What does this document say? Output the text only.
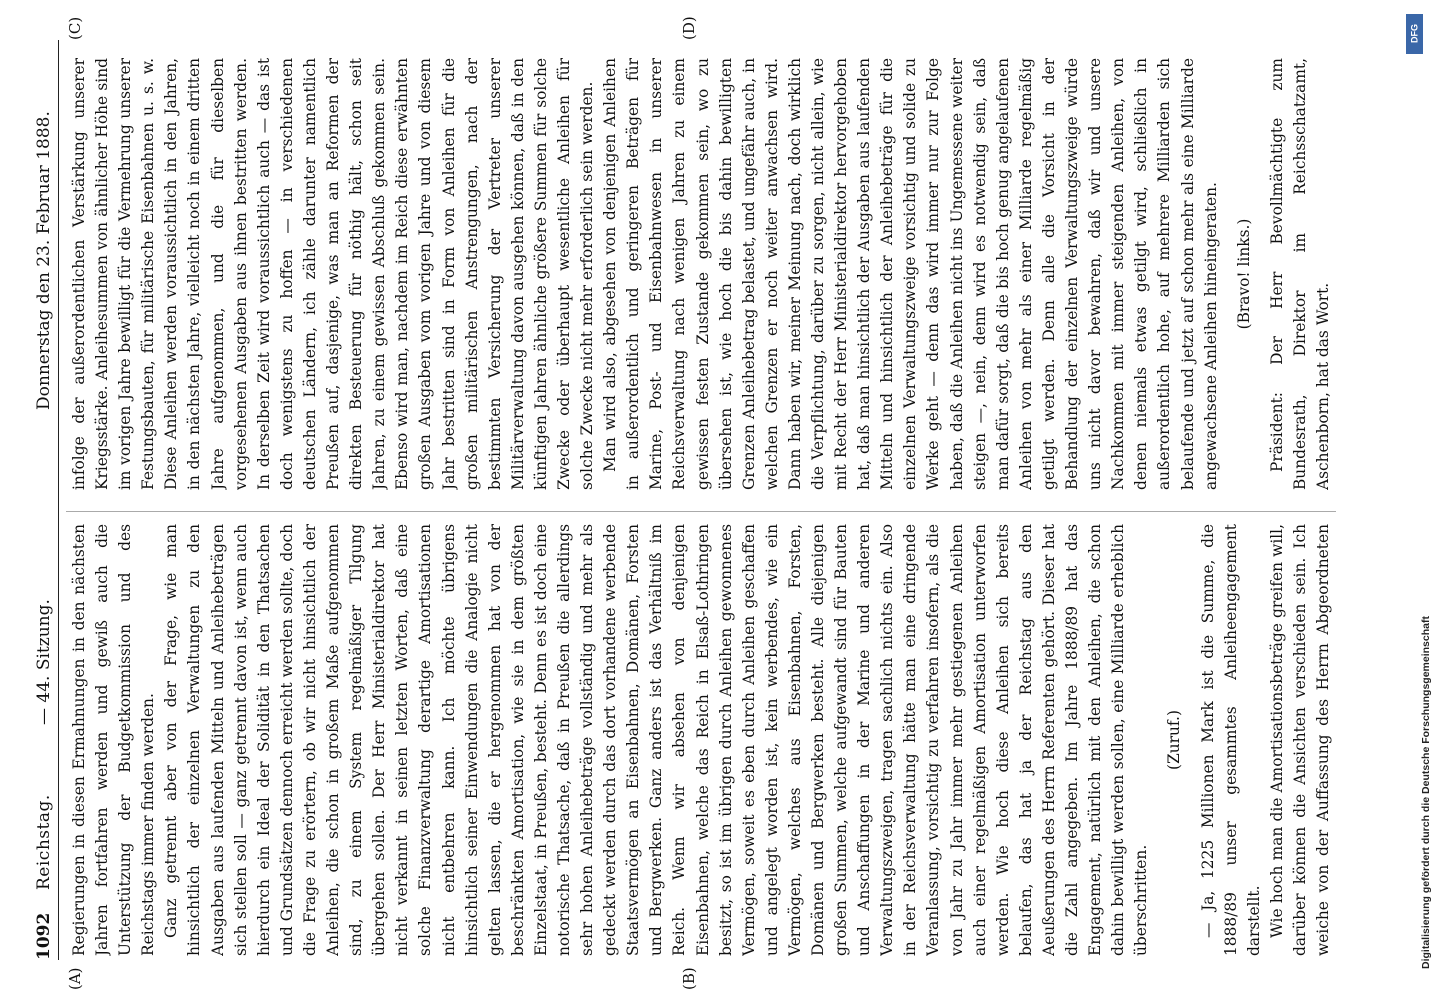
1092
Reichstag.
— 44. Sitzung.
Donnerstag den 23. Februar 1888.
(A)	(B)
(C)	(D)

Regierungen in diesen Ermahnungen in den nächsten Jahren fortfahren werden und gewiß auch die Unterstützung der Budgetkommission und des Reichstags immer finden werden. Ganz getrennt aber von der Frage, wie man hinsichtlich der einzelnen Verwaltungen zu den Ausgaben aus laufenden Mitteln und Anleihebeträgen sich stellen soll — ganz getrennt davon ist, wenn auch hierdurch ein Ideal der Solidität in den Thatsachen und Grundsätzen dennoch erreicht werden sollte, doch die Frage zu erörtern, ob wir nicht hinsichtlich der Anleihen, die schon in großem Maße aufgenommen sind, zu einem System regelmäßiger Tilgung übergehen sollen. Der Herr Ministerialdirektor hat nicht verkannt in seinen letzten Worten, daß eine solche Finanzverwaltung derartige Amortisationen nicht entbehren kann. Ich möchte übrigens hinsichtlich seiner Einwendungen die Analogie nicht gelten lassen, die er hergenommen hat von der beschränkten Amortisation, wie sie in dem größten Einzelstaat, in Preußen, besteht. Denn es ist doch eine notorische Thatsache, daß in Preußen die allerdings sehr hohen Anleihebeträge vollständig und mehr als gedeckt werden durch das dort vorhandene werbende Staatsvermögen an Eisenbahnen, Domänen, Forsten und Bergwerken. Ganz anders ist das Verhältniß im Reich. Wenn wir absehen von denjenigen Eisenbahnen, welche das Reich in Elsaß-Lothringen besitzt, so ist im übrigen durch Anleihen gewonnenes Vermögen, soweit es eben durch Anleihen geschaffen und angelegt worden ist, kein werbendes, wie ein Vermögen, welches aus Eisenbahnen, Forsten, Domänen und Bergwerken besteht. Alle diejenigen großen Summen, welche aufgewandt sind für Bauten und Anschaffungen in der Marine und anderen Verwaltungszweigen, tragen sachlich nichts ein. Also in der Reichsverwaltung hätte man eine dringende Veranlassung, vorsichtig zu verfahren insofern, als die von Jahr zu Jahr immer mehr gestiegenen Anleihen auch einer regelmäßigen Amortisation unterworfen werden. Wie hoch diese Anleihen sich bereits belaufen, das hat ja der Reichstag aus den Aeußerungen des Herrn Referenten gehört. Dieser hat die Zahl angegeben. Im Jahre 1888/89 hat das Engagement, natürlich mit den Anleihen, die schon dahin bewilligt werden sollen, eine Milliarde erheblich überschritten.

(Zuruf.) — Ja, 1225 Millionen Mark ist die Summe, die 1888/89 unser gesammtes Anleiheengagement darstellt. Wie hoch man die Amortisationsbeträge greifen will, darüber können die Ansichten verschieden sein. Ich weiche von der Auffassung des Herrn Abgeordneten

infolge der außerordentlichen Verstärkung unserer Kriegsstärke. Anleihesummen von ähnlicher Höhe sind im vorigen Jahre bewilligt für die Vermehrung unserer Festungsbauten, für militärische Eisenbahnen u. s. w. Diese Anleihen werden voraussichtlich in den Jahren, in den nächsten Jahre, vielleicht noch in einem dritten Jahre aufgenommen, und die für dieselben vorgesehenen Ausgaben aus ihnen bestritten werden. In derselben Zeit wird voraussichtlich auch — das ist doch wenigstens zu hoffen — in verschiedenen deutschen Ländern, ich zähle darunter namentlich Preußen auf, dasjenige, was man an Reformen der direkten Besteuerung für nöthig hält, schon seit Jahren, zu einem gewissen Abschluß gekommen sein. Ebenso wird man, nachdem im Reich diese erwähnten großen Ausgaben vom vorigen Jahre und von diesem Jahr bestritten sind in Form von Anleihen für die großen militärischen Anstrengungen, nach der bestimmten Versicherung der Vertreter unserer Militärverwaltung davon ausgehen können, daß in den künftigen Jahren ähnliche größere Summen für solche Zwecke oder überhaupt wesentliche Anleihen für solche Zwecke nicht mehr erforderlich sein werden. Man wird also, abgesehen von denjenigen Anleihen in außerordentlich und geringeren Beträgen für Marine, Post- und Eisenbahnwesen in unserer Reichsverwaltung nach wenigen Jahren zu einem gewissen festen Zustande gekommen sein, wo zu übersehen ist, wie hoch die bis dahin bewilligten Grenzen Anleihebetrag belastet, und ungefähr auch, in welchen Grenzen er noch weiter anwachsen wird. Dann haben wir, meiner Meinung nach, doch wirklich die Verpflichtung, darüber zu sorgen, nicht allein, wie mit Recht der Herr Ministerialdirektor hervorgehoben hat, daß man hinsichtlich der Ausgaben aus laufenden Mitteln und hinsichtlich der Anleihebeträge für die einzelnen Verwaltungszweige vorsichtig und solide zu Werke geht — denn das wird immer nur zur Folge haben, daß die Anleihen nicht ins Ungemessene weiter steigen —, nein, denn wird es notwendig sein, daß man dafür sorgt, daß die bis hoch genug angelaufenen Anleihen von mehr als einer Milliarde regelmäßig getilgt werden. Denn alle die Vorsicht in der Behandlung der einzelnen Verwaltungszweige würde uns nicht davor bewahren, daß wir und unsere Nachkommen mit immer steigenden Anleihen, von denen niemals etwas getilgt wird, schließlich in außerordentlich hohe, auf mehrere Milliarden sich belaufende und jetzt auf schon mehr als eine Milliarde angewachsene Anleihen hineingeraten. (Bravo! links.) Präsident: Der Herr Bevollmächtigte zum Bundesrath, Direktor im Reichsschatzamt, Aschenborn, hat das Wort.

DFG
Digitalisierung gefördert durch die Deutsche Forschungsgemeinschaft
